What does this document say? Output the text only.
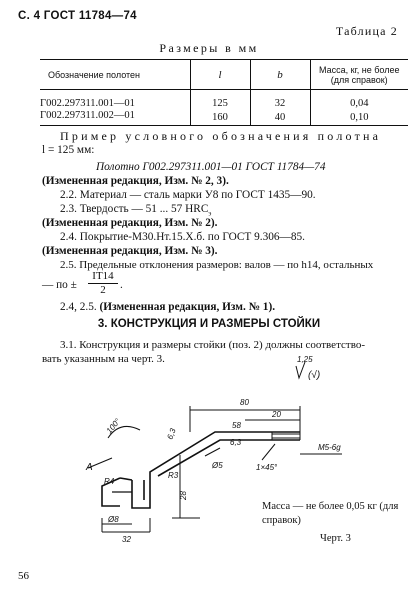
С. 4 ГОСТ 11784—74
Таблица 2
Размеры в мм
Обозначение полотен	l	b	Масса, кг, не более (для справок)
Г002.297311.001—01	125	32	0,04
Г002.297311.002—01	160	40	0,10
Пример условного обозначения полотна
l = 125 мм:
Полотно Г002.297311.001—01 ГОСТ 11784—74
(Измененная редакция, Изм. № 2, 3).
2.2. Материал — сталь марки У8 по ГОСТ 1435—90.
2.3. Твердость — 51 ... 57 $HRC_э$
(Измененная редакция, Изм. № 2).
2.4. Покрытие-М30.Нт.15.Х.б. по ГОСТ 9.306—85.
(Измененная редакция, Изм. № 3).
2.5. Предельные отклонения размеров: валов — по h14, остальных
— по ± $\frac{IT14}{2}$ .
2.4, 2.5. (Измененная редакция, Изм. № 1).
3. КОНСТРУКЦИЯ И РАЗМЕРЫ СТОЙКИ
3.1. Конструкция и размеры стойки (поз. 2) должны соответство-
вать указанным на черт. 3.	1,25
(√)
80
20
58
M5-6g
100°	6,3
6,3
Ø5	1×45°
A
R4
R3
28
Ø8
32
Масса — не более 0,05 кг (для
справок)
Черт. 3
56
